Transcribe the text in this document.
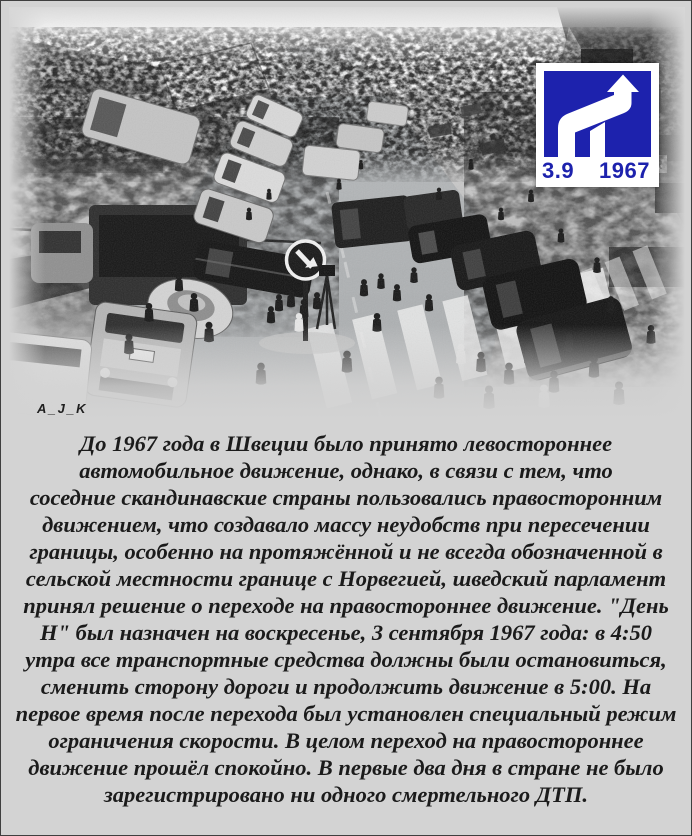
3.9 1967
A_J_K
До 1967 года в Швеции было принято левостороннее
автомобильное движение, однако, в связи с тем, что
соседние скандинавские страны пользовались правосторонним
движением, что создавало массу неудобств при пересечении
границы, особенно на протяжённой и не всегда обозначенной в
сельской местности границе с Норвегией, шведский парламент
принял решение о переходе на правостороннее движение. "День
Н" был назначен на воскресенье, 3 сентября 1967 года: в 4:50
утра все транспортные средства должны были остановиться,
сменить сторону дороги и продолжить движение в 5:00. На
первое время после перехода был установлен специальный режим
ограничения скорости. В целом переход на правостороннее
движение прошёл спокойно. В первые два дня в стране не было
зарегистрировано ни одного смертельного ДТП.
